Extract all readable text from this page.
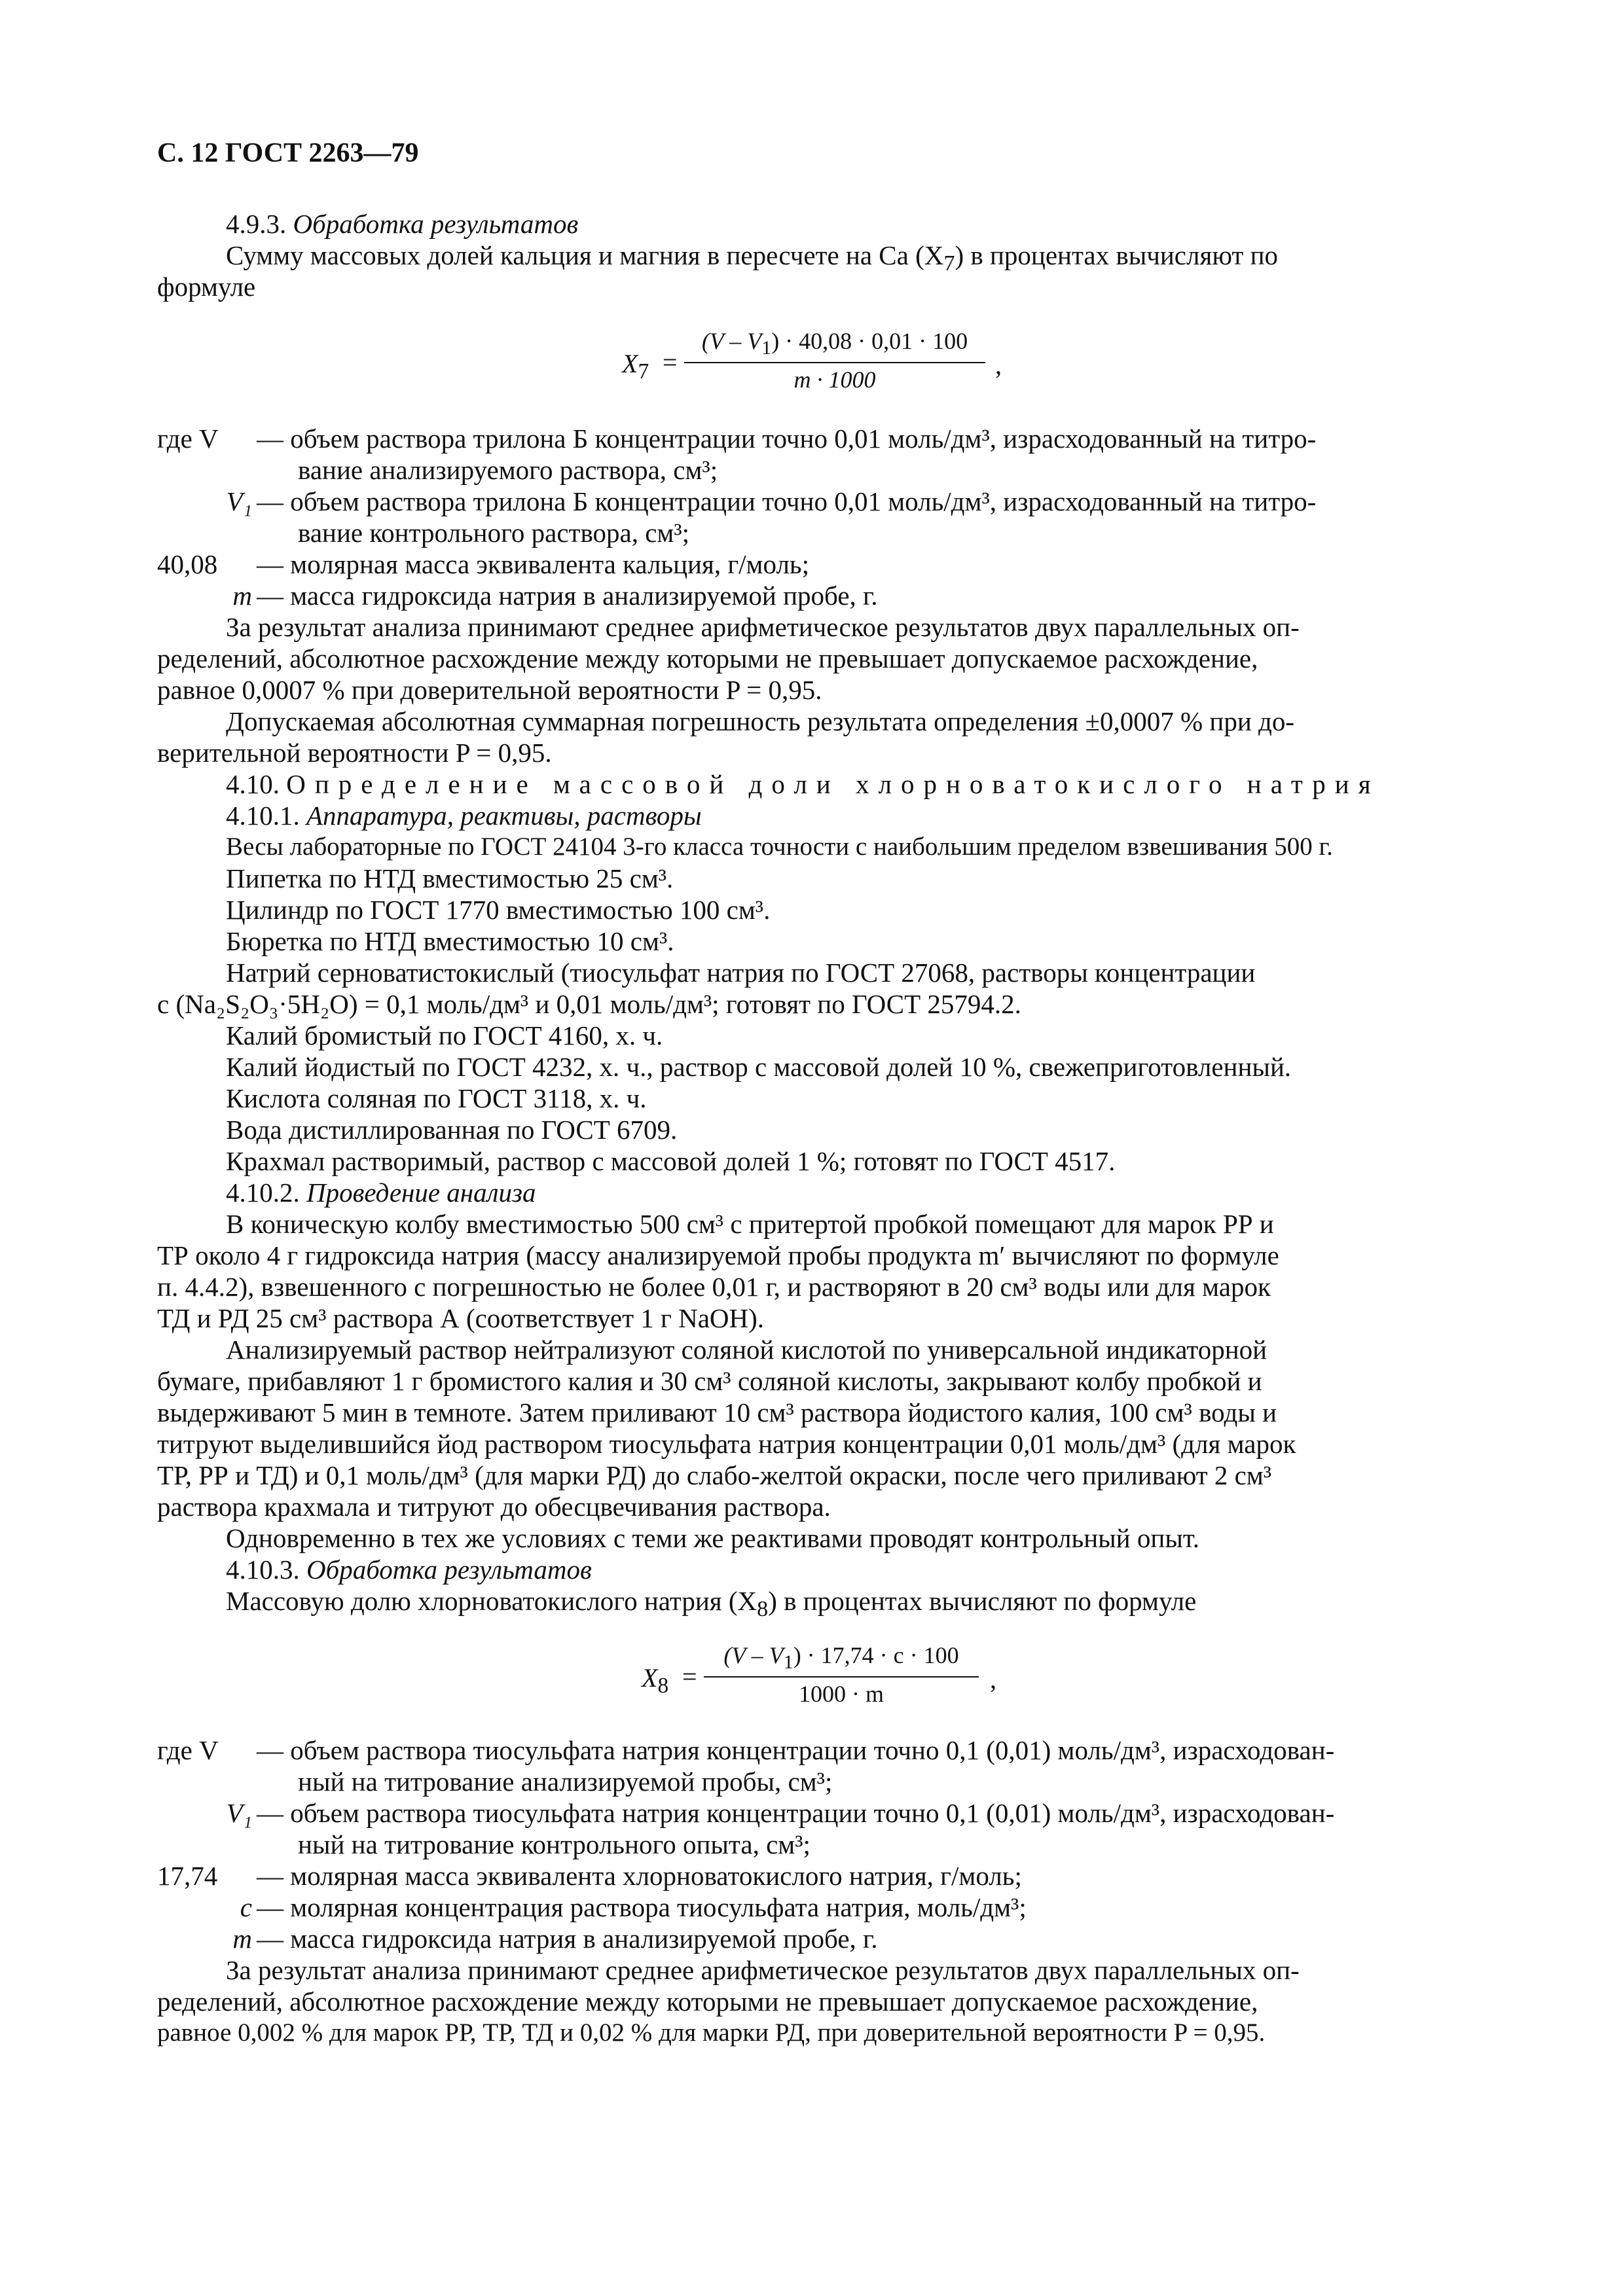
С. 12 ГОСТ 2263—79
4.9.3. Обработка результатов
Сумму массовых долей кальция и магния в пересчете на Ca $(X_7)$ в процентах вычисляют по
формуле
$X_7$ =
$(V - V_1) \cdot 40,08 \cdot 0,01 \cdot 100$
m · 1000
,
где V	— объем раствора трилона Б концентрации точно 0,01 моль/дм³, израсходованный на титро-
вание анализируемого раствора, см³;
V₁ — объем раствора трилона Б концентрации точно 0,01 моль/дм³, израсходованный на титро-
вание контрольного раствора, см³;
40,08	— молярная масса эквивалента кальция, г/моль;
m — масса гидроксида натрия в анализируемой пробе, г.
За результат анализа принимают среднее арифметическое результатов двух параллельных оп-
ределений, абсолютное расхождение между которыми не превышает допускаемое расхождение,
равное 0,0007 % при доверительной вероятности P = 0,95.
Допускаемая абсолютная суммарная погрешность результата определения ±0,0007 % при до-
верительной вероятности P = 0,95.
4.10. Определение массовой доли хлорноватокислого натрия
4.10.1. Аппаратура, реактивы, растворы
Весы лабораторные по ГОСТ 24104 3-го класса точности с наибольшим пределом взвешивания 500 г.
Пипетка по НТД вместимостью 25 см³.
Цилиндр по ГОСТ 1770 вместимостью 100 см³.
Бюретка по НТД вместимостью 10 см³.
Натрий серноватистокислый (тиосульфат натрия по ГОСТ 27068, растворы концентрации
c (Na₂S₂O₃·5H₂O) = 0,1 моль/дм³ и 0,01 моль/дм³; готовят по ГОСТ 25794.2.
Калий бромистый по ГОСТ 4160, х. ч.
Калий йодистый по ГОСТ 4232, х. ч., раствор с массовой долей 10 %, свежеприготовленный.
Кислота соляная по ГОСТ 3118, х. ч.
Вода дистиллированная по ГОСТ 6709.
Крахмал растворимый, раствор с массовой долей 1 %; готовят по ГОСТ 4517.
4.10.2. Проведение анализа
В коническую колбу вместимостью 500 см³ с притертой пробкой помещают для марок РР и
ТР около 4 г гидроксида натрия (массу анализируемой пробы продукта m′ вычисляют по формуле
п. 4.4.2), взвешенного с погрешностью не более 0,01 г, и растворяют в 20 см³ воды или для марок
ТД и РД 25 см³ раствора А (соответствует 1 г NaOH).
Анализируемый раствор нейтрализуют соляной кислотой по универсальной индикаторной
бумаге, прибавляют 1 г бромистого калия и 30 см³ соляной кислоты, закрывают колбу пробкой и
выдерживают 5 мин в темноте. Затем приливают 10 см³ раствора йодистого калия, 100 см³ воды и
титруют выделившийся йод раствором тиосульфата натрия концентрации 0,01 моль/дм³ (для марок
ТР, РР и ТД) и 0,1 моль/дм³ (для марки РД) до слабо-желтой окраски, после чего приливают 2 см³
раствора крахмала и титруют до обесцвечивания раствора.
Одновременно в тех же условиях с теми же реактивами проводят контрольный опыт.
4.10.3. Обработка результатов
Массовую долю хлорноватокислого натрия $(X_8)$ в процентах вычисляют по формуле
$X_8$ =
$(V - V_1) \cdot 17,74 \cdot c \cdot 100$
1000 · m
,
где V	— объем раствора тиосульфата натрия концентрации точно 0,1 (0,01) моль/дм³, израсходован-
ный на титрование анализируемой пробы, см³;
V₁ — объем раствора тиосульфата натрия концентрации точно 0,1 (0,01) моль/дм³, израсходован-
ный на титрование контрольного опыта, см³;
17,74	— молярная масса эквивалента хлорноватокислого натрия, г/моль;
c — молярная концентрация раствора тиосульфата натрия, моль/дм³;
m — масса гидроксида натрия в анализируемой пробе, г.
За результат анализа принимают среднее арифметическое результатов двух параллельных оп-
ределений, абсолютное расхождение между которыми не превышает допускаемое расхождение,
равное 0,002 % для марок РР, ТР, ТД и 0,02 % для марки РД, при доверительной вероятности P = 0,95.
